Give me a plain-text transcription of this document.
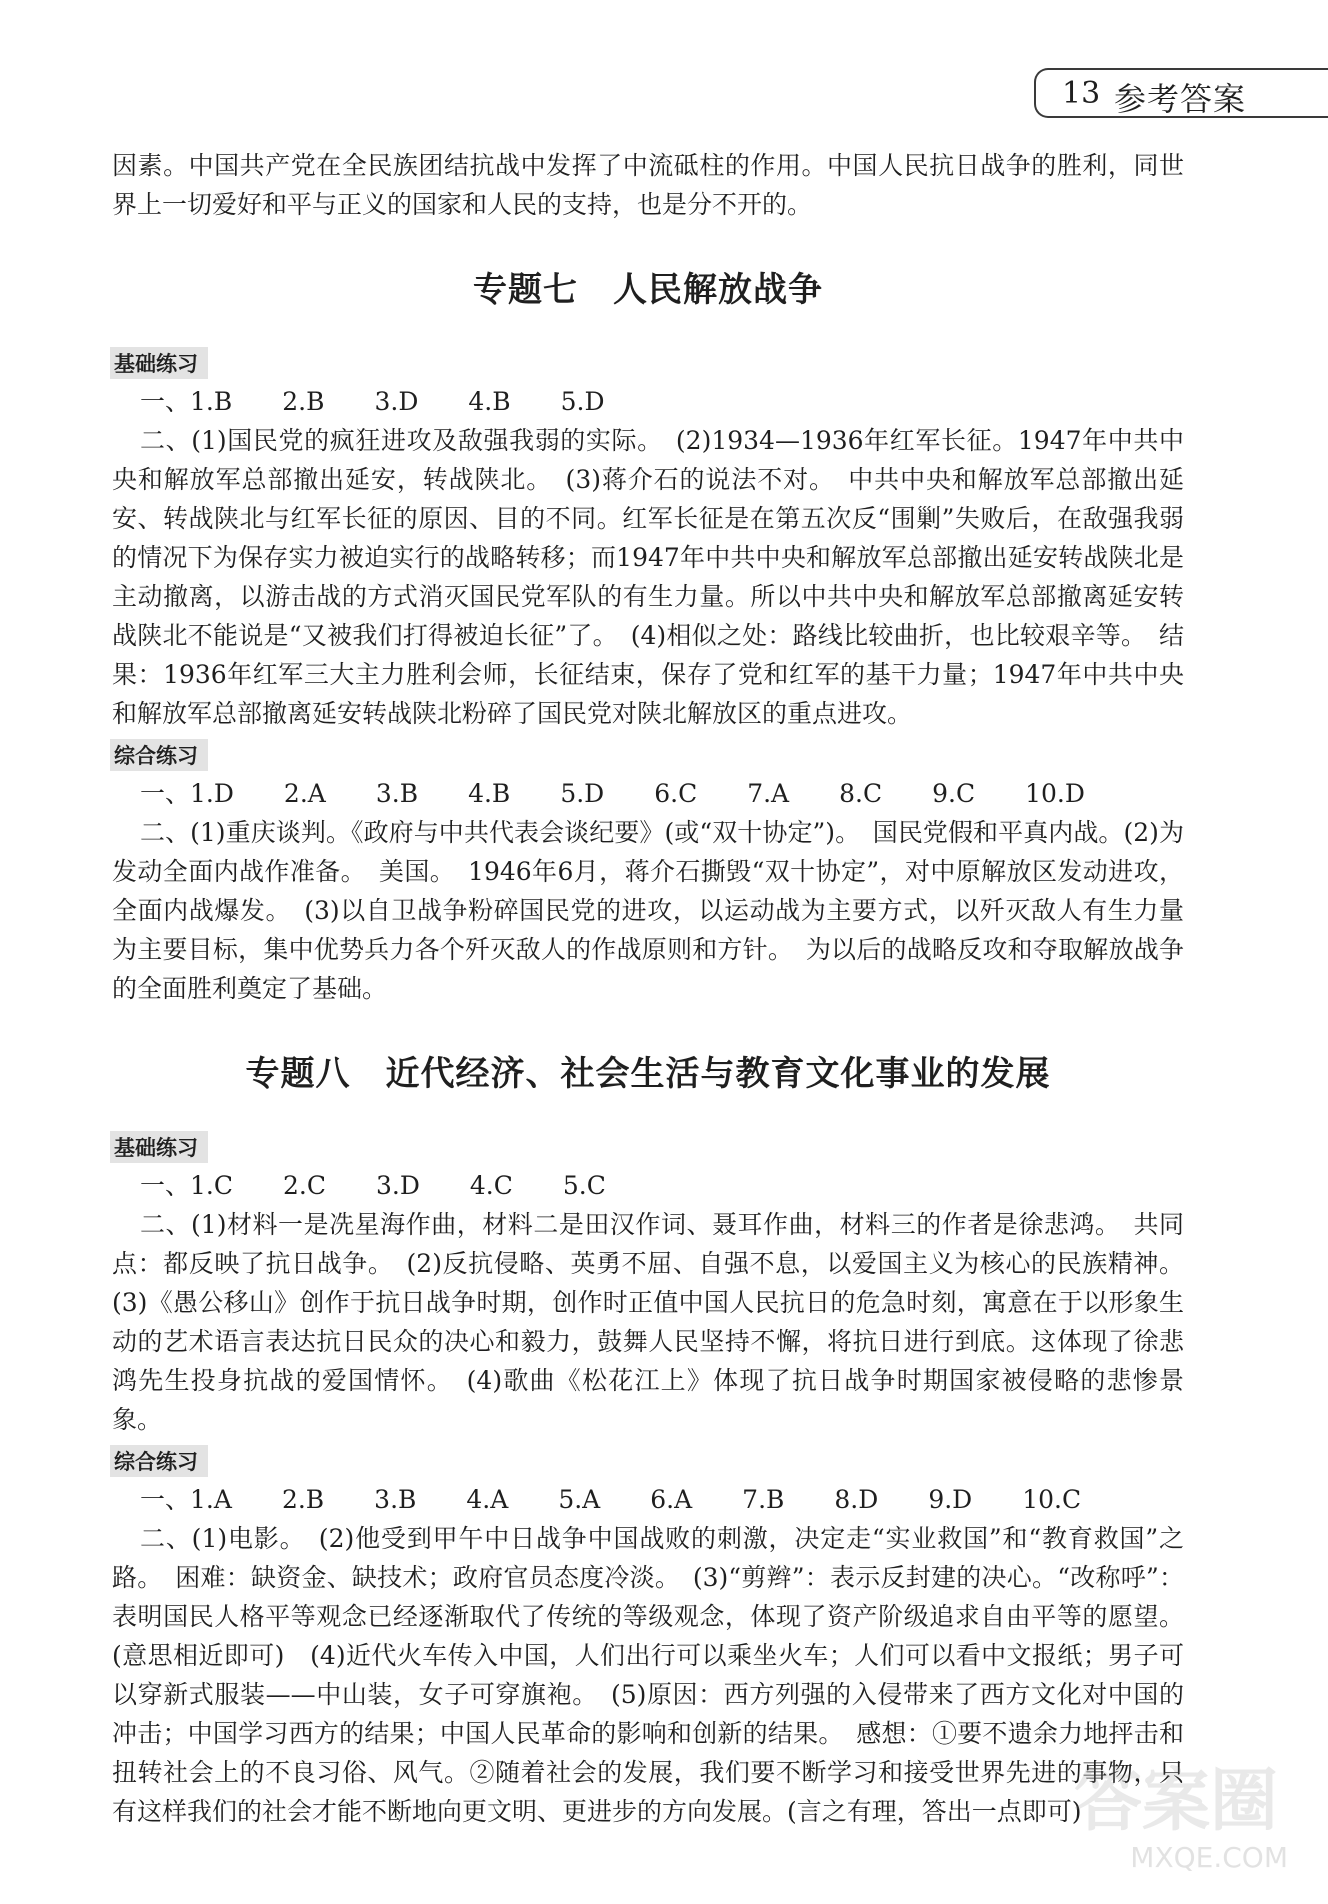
13 参考答案

因素。中国共产党在全民族团结抗战中发挥了中流砥柱的作用。中国人民抗日战争的胜利，同世界上一切爱好和平与正义的国家和人民的支持，也是分不开的。

专题七　人民解放战争
基础练习
一、1.B 2.B 3.D 4.B 5.D

二、(1)国民党的疯狂进攻及敌强我弱的实际。　(2)1934—1936年红军长征。1947年中共中央和解放军总部撤出延安，转战陕北。　(3)蒋介石的说法不对。　中共中央和解放军总部撤出延安、转战陕北与红军长征的原因、目的不同。红军长征是在第五次反“围剿”失败后，在敌强我弱的情况下为保存实力被迫实行的战略转移；而1947年中共中央和解放军总部撤出延安转战陕北是主动撤离，以游击战的方式消灭国民党军队的有生力量。所以中共中央和解放军总部撤离延安转战陕北不能说是“又被我们打得被迫长征”了。　(4)相似之处：路线比较曲折，也比较艰辛等。　结果：1936年红军三大主力胜利会师，长征结束，保存了党和红军的基干力量；1947年中共中央和解放军总部撤离延安转战陕北粉碎了国民党对陕北解放区的重点进攻。

综合练习
一、1.D 2.A 3.B 4.B 5.D 6.C 7.A 8.C 9.C 10.D

二、(1)重庆谈判。《政府与中共代表会谈纪要》(或“双十协定”)。　国民党假和平真内战。(2)为发动全面内战作准备。　美国。　1946年6月，蒋介石撕毁“双十协定”，对中原解放区发动进攻，全面内战爆发。　(3)以自卫战争粉碎国民党的进攻，以运动战为主要方式，以歼灭敌人有生力量为主要目标，集中优势兵力各个歼灭敌人的作战原则和方针。　为以后的战略反攻和夺取解放战争的全面胜利奠定了基础。

专题八　近代经济、社会生活与教育文化事业的发展
基础练习
一、1.C 2.C 3.D 4.C 5.C

二、(1)材料一是冼星海作曲，材料二是田汉作词、聂耳作曲，材料三的作者是徐悲鸿。　共同点：都反映了抗日战争。　(2)反抗侵略、英勇不屈、自强不息，以爱国主义为核心的民族精神。(3)《愚公移山》创作于抗日战争时期，创作时正值中国人民抗日的危急时刻，寓意在于以形象生动的艺术语言表达抗日民众的决心和毅力，鼓舞人民坚持不懈，将抗日进行到底。这体现了徐悲鸿先生投身抗战的爱国情怀。　(4)歌曲《松花江上》体现了抗日战争时期国家被侵略的悲惨景象。

综合练习
一、1.A 2.B 3.B 4.A 5.A 6.A 7.B 8.D 9.D 10.C

二、(1)电影。　(2)他受到甲午中日战争中国战败的刺激，决定走“实业救国”和“教育救国”之路。　困难：缺资金、缺技术；政府官员态度冷淡。　(3)“剪辫”：表示反封建的决心。“改称呼”：表明国民人格平等观念已经逐渐取代了传统的等级观念，体现了资产阶级追求自由平等的愿望。(意思相近即可)　(4)近代火车传入中国，人们出行可以乘坐火车；人们可以看中文报纸；男子可以穿新式服装——中山装，女子可穿旗袍。　(5)原因：西方列强的入侵带来了西方文化对中国的冲击；中国学习西方的结果；中国人民革命的影响和创新的结果。　感想：①要不遗余力地抨击和扭转社会上的不良习俗、风气。②随着社会的发展，我们要不断学习和接受世界先进的事物，只有这样我们的社会才能不断地向更文明、更进步的方向发展。(言之有理，答出一点即可)

答案圈
MXQE.COM
